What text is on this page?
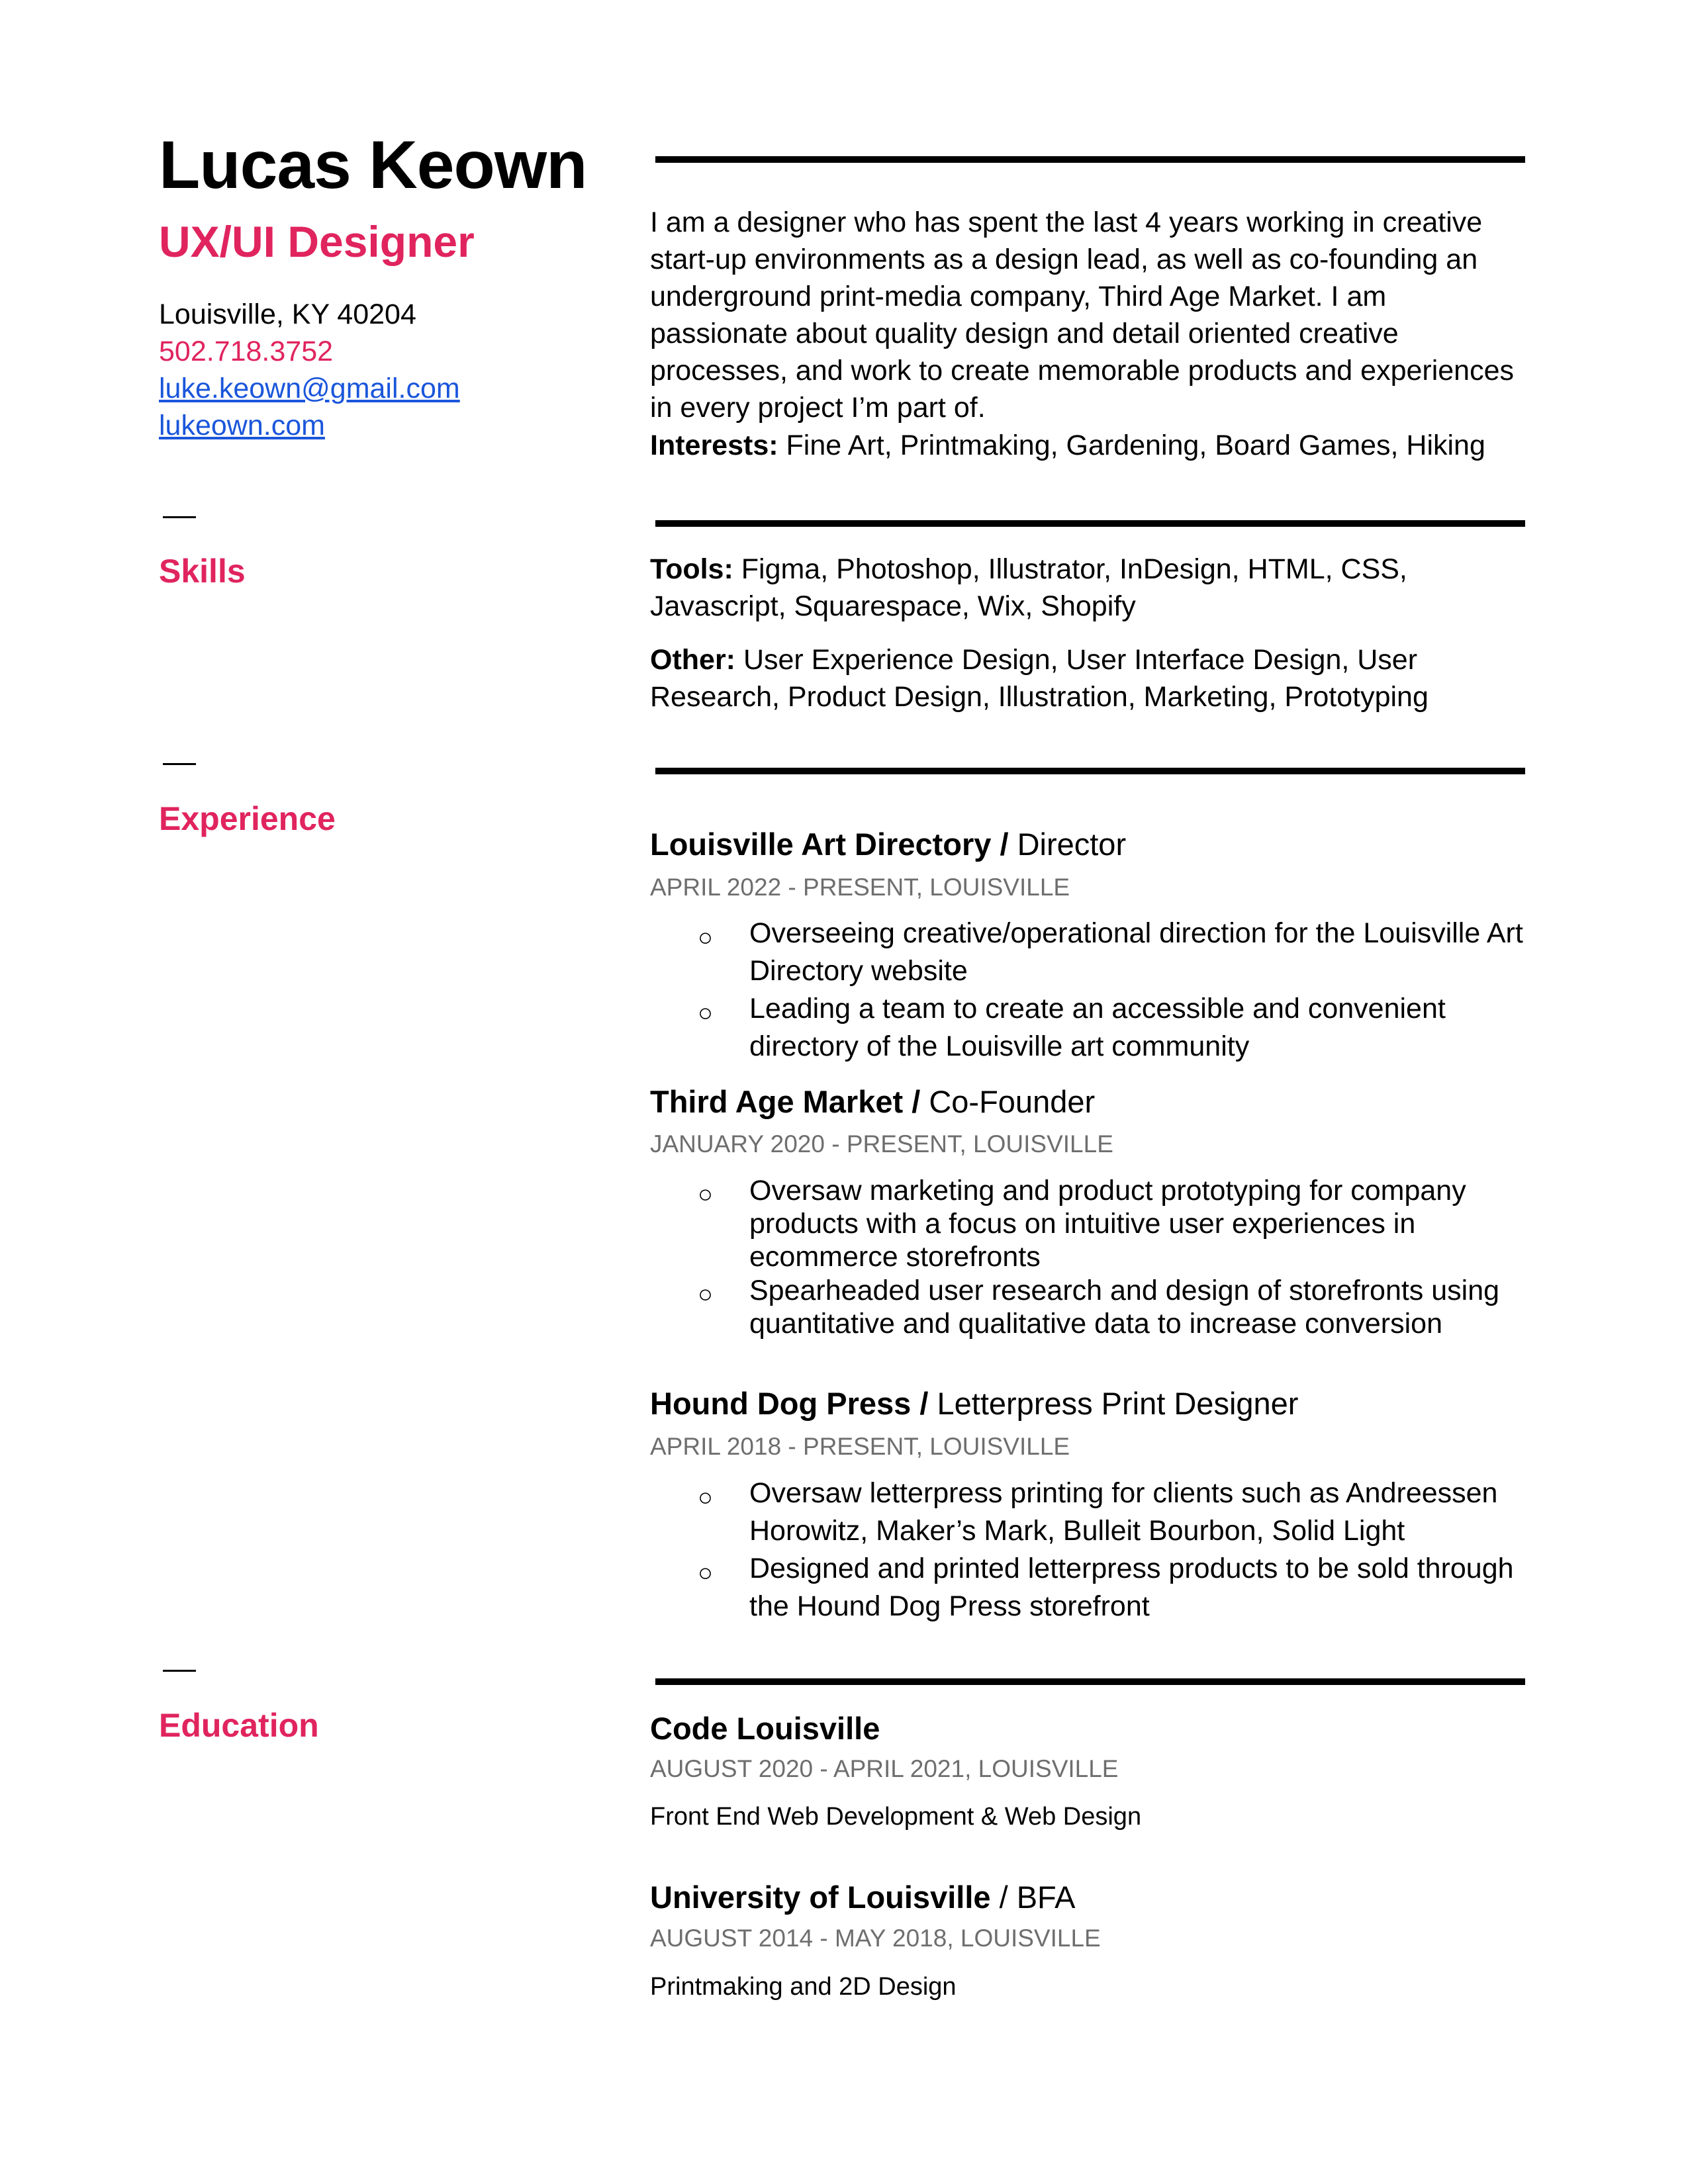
Lucas Keown
UX/UI Designer
Louisville, KY 40204
502.718.3752
luke.keown@gmail.com
lukeown.com
Skills
Experience
Education

I am a designer who has spent the last 4 years working in creative start-up environments as a design lead, as well as co-founding an underground print-media company, Third Age Market. I am passionate about quality design and detail oriented creative processes, and work to create memorable products and experiences in every project I’m part of.

Interests: Fine Art, Printmaking, Gardening, Board Games, Hiking

Tools: Figma, Photoshop, Illustrator, InDesign, HTML, CSS, Javascript, Squarespace, Wix, Shopify

Other: User Experience Design, User Interface Design, User Research, Product Design, Illustration, Marketing, Prototyping

Louisville Art Directory / Director
APRIL 2022 - PRESENT, LOUISVILLE
○ Overseeing creative/operational direction for the Louisville Art Directory website
○ Leading a team to create an accessible and convenient directory of the Louisville art community
Third Age Market / Co-Founder
JANUARY 2020 - PRESENT, LOUISVILLE
○ Oversaw marketing and product prototyping for company products with a focus on intuitive user experiences in ecommerce storefronts
○ Spearheaded user research and design of storefronts using quantitative and qualitative data to increase conversion
Hound Dog Press / Letterpress Print Designer
APRIL 2018 - PRESENT, LOUISVILLE
○ Oversaw letterpress printing for clients such as Andreessen Horowitz, Maker’s Mark, Bulleit Bourbon, Solid Light
○ Designed and printed letterpress products to be sold through the Hound Dog Press storefront
Code Louisville
AUGUST 2020 - APRIL 2021, LOUISVILLE
Front End Web Development & Web Design
University of Louisville / BFA
AUGUST 2014 - MAY 2018, LOUISVILLE
Printmaking and 2D Design
